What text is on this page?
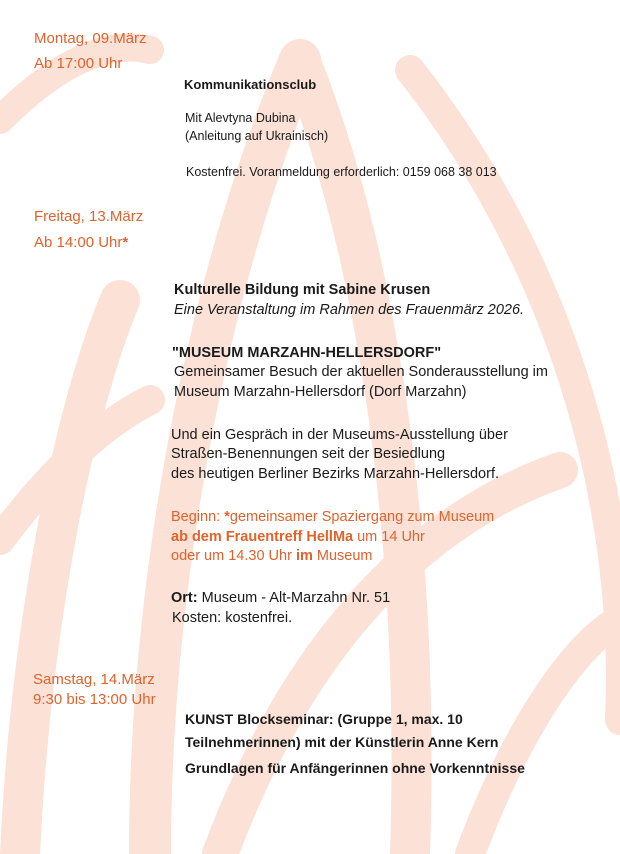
Montag, 09.März
Ab 17:00 Uhr
Kommunikationsclub
Mit Alevtyna Dubina
(Anleitung auf Ukrainisch)
Kostenfrei. Voranmeldung erforderlich: 0159 068 38 013
Freitag, 13.März
Ab 14:00 Uhr*
Kulturelle Bildung mit Sabine Krusen
Eine Veranstaltung im Rahmen des Frauenmärz 2026.
"MUSEUM MARZAHN-HELLERSDORF"
Gemeinsamer Besuch der aktuellen Sonderausstellung im
Museum Marzahn-Hellersdorf (Dorf Marzahn)
Und ein Gespräch in der Museums-Ausstellung über
Straßen-Benennungen seit der Besiedlung
des heutigen Berliner Bezirks Marzahn-Hellersdorf.
Beginn: *gemeinsamer Spaziergang zum Museum
ab dem Frauentreff HellMa um 14 Uhr
oder um 14.30 Uhr im Museum
Ort: Museum - Alt-Marzahn Nr. 51
Kosten: kostenfrei.
Samstag, 14.März
9:30 bis 13:00 Uhr
KUNST Blockseminar: (Gruppe 1, max. 10
Teilnehmerinnen) mit der Künstlerin Anne Kern
Grundlagen für Anfängerinnen ohne Vorkenntnisse
